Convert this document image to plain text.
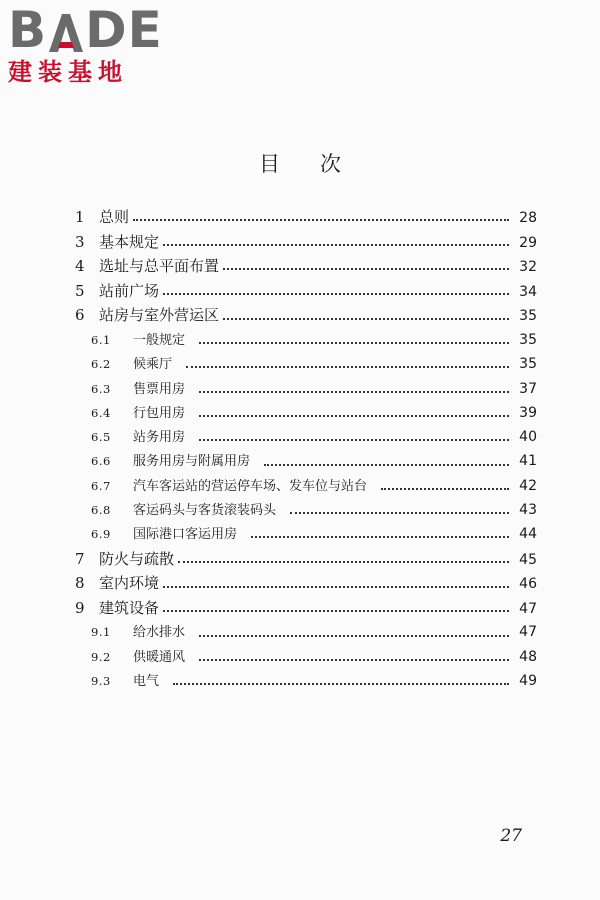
B DE
建装基地
目次
1 总则	28
3 基本规定	29
4 选址与总平面布置	32
5 站前广场	34
6 站房与室外营运区	35
6.1	一般规定	35
6.2	候乘厅	35
6.3	售票用房	37
6.4	行包用房	39
6.5	站务用房	40
6.6	服务用房与附属用房	41
6.7	汽车客运站的营运停车场、发车位与站台	42
6.8	客运码头与客货滚装码头	43
6.9	国际港口客运用房	44
7 防火与疏散	45
8 室内环境	46
9 建筑设备	47
9.1	给水排水	47
9.2	供暖通风	48
9.3	电气	49
27
